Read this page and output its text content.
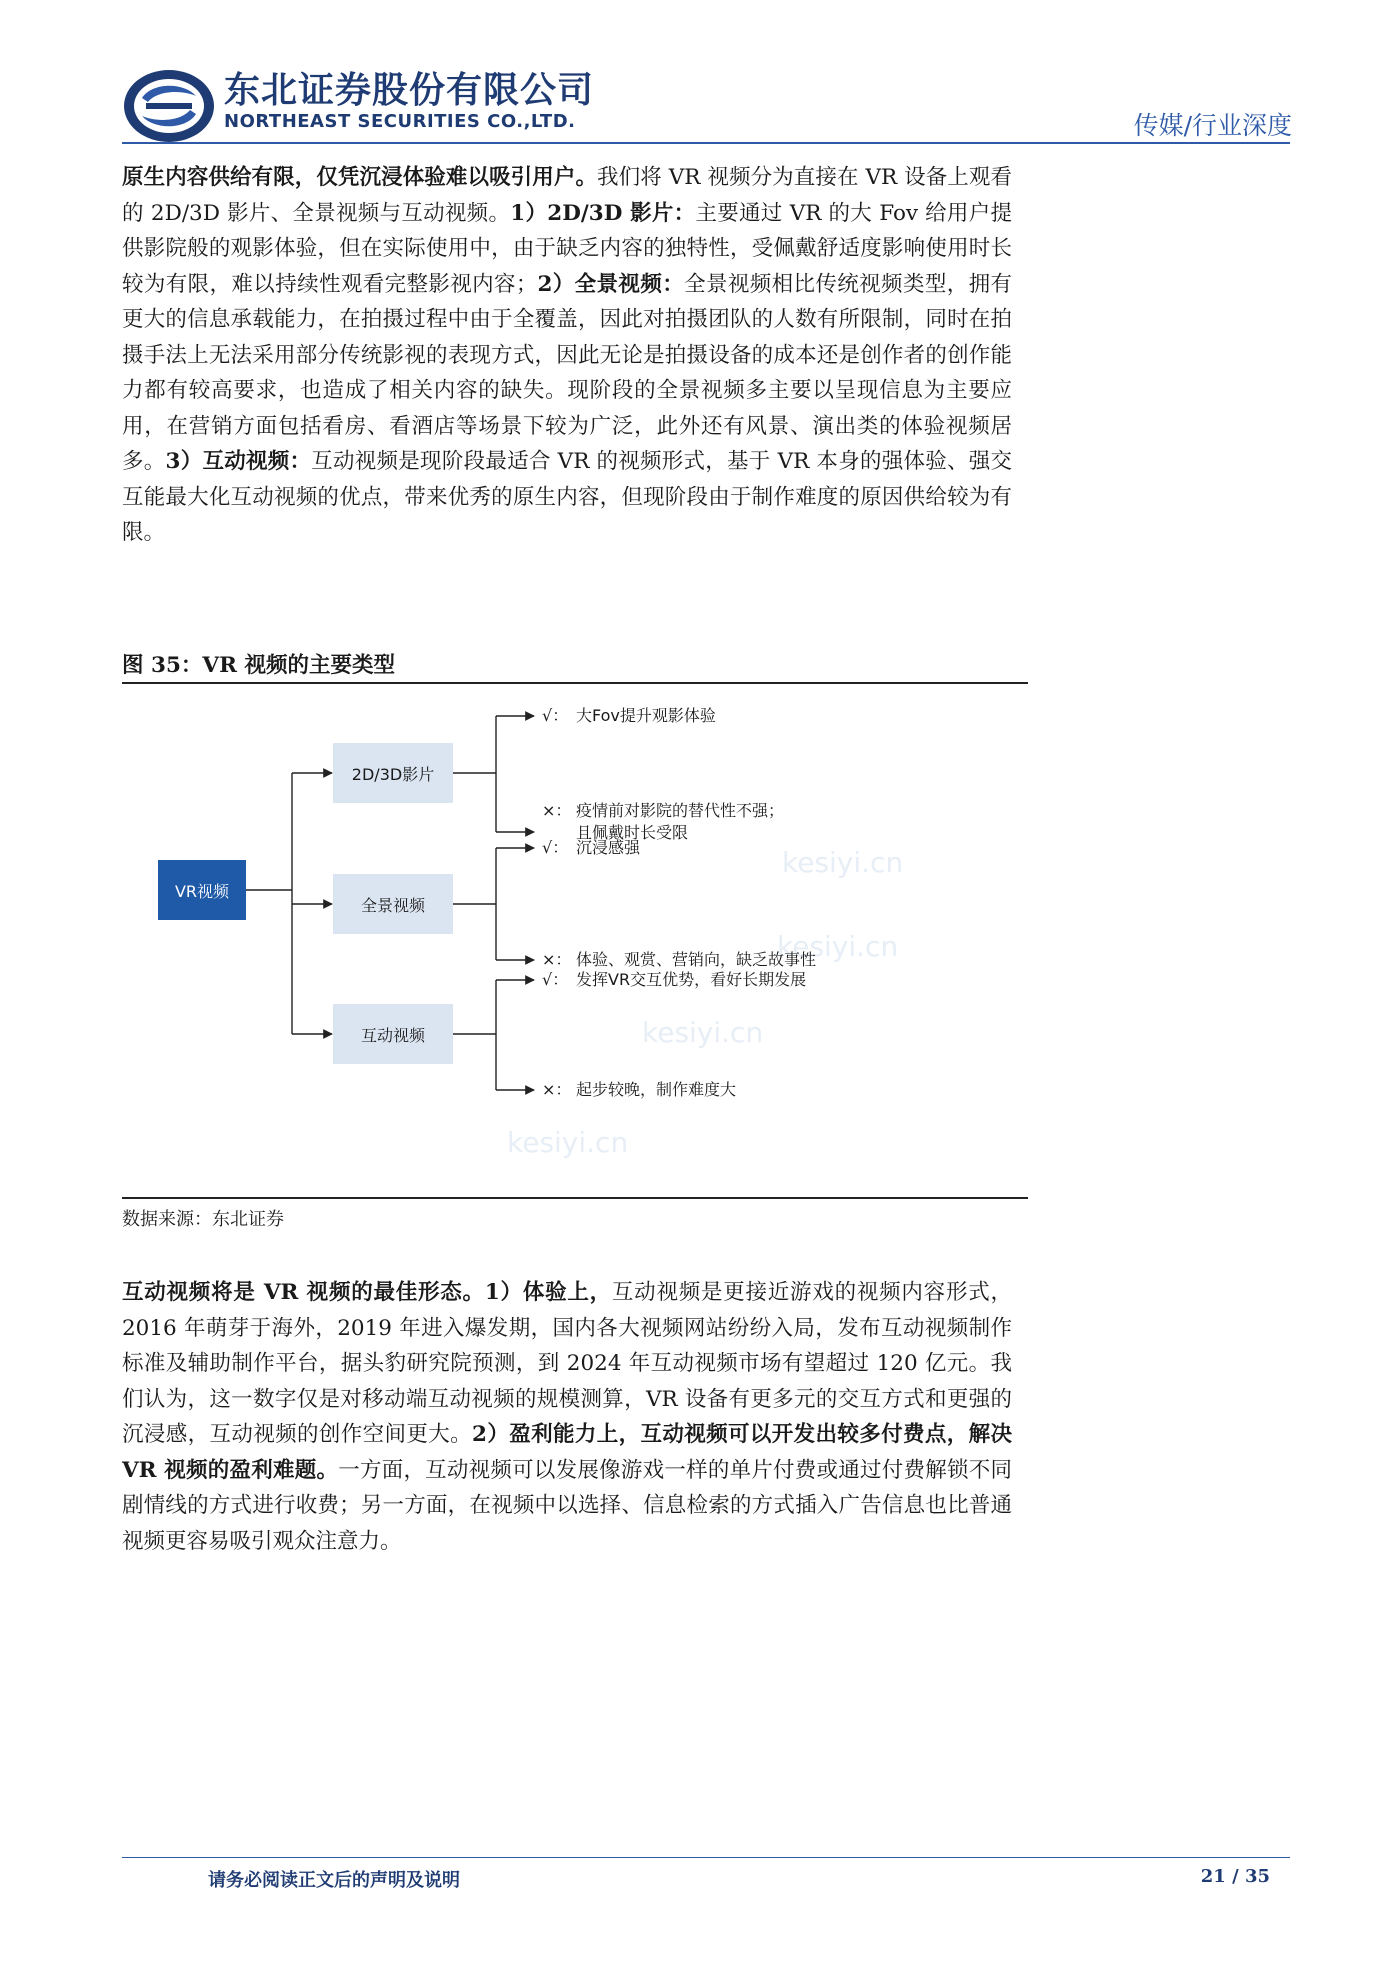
东北证券股份有限公司
NORTHEAST SECURITIES CO.,LTD.	传媒/行业深度
原生内容供给有限，仅凭沉浸体验难以吸引用户。我们将 VR 视频分为直接在 VR 设备上观看的 2D/3D 影片、全景视频与互动视频。1）2D/3D 影片：主要通过 VR 的大 Fov 给用户提供影院般的观影体验，但在实际使用中，由于缺乏内容的独特性，受佩戴舒适度影响使用时长较为有限，难以持续性观看完整影视内容；2）全景视频：全景视频相比传统视频类型，拥有更大的信息承载能力，在拍摄过程中由于全覆盖，因此对拍摄团队的人数有所限制，同时在拍摄手法上无法采用部分传统影视的表现方式，因此无论是拍摄设备的成本还是创作者的创作能力都有较高要求，也造成了相关内容的缺失。现阶段的全景视频多主要以呈现信息为主要应用，在营销方面包括看房、看酒店等场景下较为广泛，此外还有风景、演出类的体验视频居多。3）互动视频：互动视频是现阶段最适合 VR 的视频形式，基于 VR 本身的强体验、强交互能最大化互动视频的优点，带来优秀的原生内容，但现阶段由于制作难度的原因供给较为有限。
图 35：VR 视频的主要类型
kesiyi.cn
kesiyi.cn
kesiyi.cn
kesiyi.cn
VR视频
2D/3D影片
全景视频
互动视频
√： 大Fov提升观影体验
×： 疫情前对影院的替代性不强；
且佩戴时长受限
√： 沉浸感强
×： 体验、观赏、营销向，缺乏故事性
√： 发挥VR交互优势，看好长期发展
×： 起步较晚，制作难度大
数据来源：东北证券
互动视频将是 VR 视频的最佳形态。1）体验上，互动视频是更接近游戏的视频内容形式，2016 年萌芽于海外，2019 年进入爆发期，国内各大视频网站纷纷入局，发布互动视频制作标准及辅助制作平台，据头豹研究院预测，到 2024 年互动视频市场有望超过 120 亿元。我们认为，这一数字仅是对移动端互动视频的规模测算，VR 设备有更多元的交互方式和更强的沉浸感，互动视频的创作空间更大。2）盈利能力上，互动视频可以开发出较多付费点，解决 VR 视频的盈利难题。一方面，互动视频可以发展像游戏一样的单片付费或通过付费解锁不同剧情线的方式进行收费；另一方面，在视频中以选择、信息检索的方式插入广告信息也比普通视频更容易吸引观众注意力。
请务必阅读正文后的声明及说明	21 / 35
